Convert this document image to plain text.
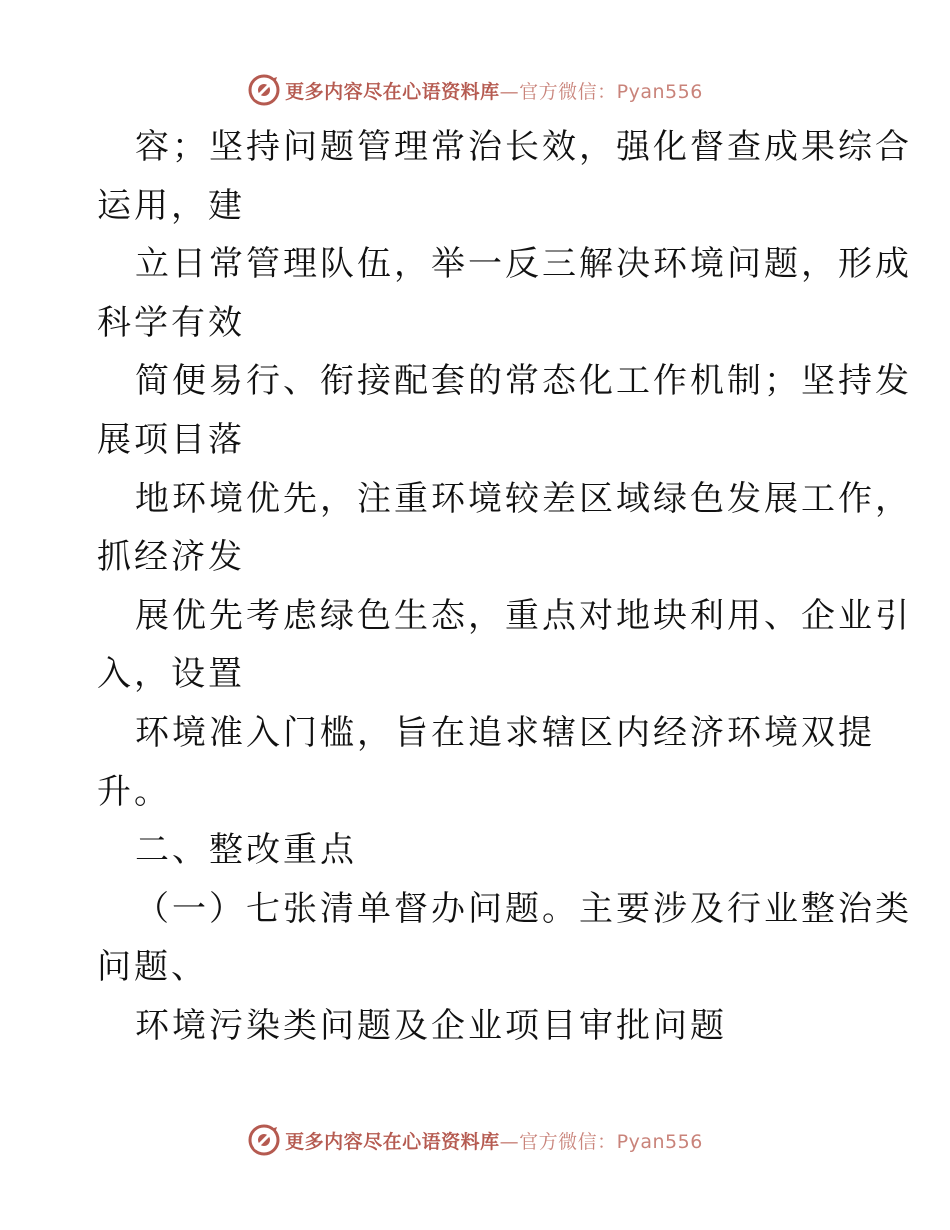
更多内容尽在心语资料库—官方微信：Pyan556
容；坚持问题管理常治长效，强化督查成果综合
运用，建
立日常管理队伍，举一反三解决环境问题，形成
科学有效
简便易行、衔接配套的常态化工作机制；坚持发
展项目落
地环境优先，注重环境较差区域绿色发展工作，
抓经济发
展优先考虑绿色生态，重点对地块利用、企业引
入，设置
环境准入门槛，旨在追求辖区内经济环境双提
升。
二、整改重点
（一）七张清单督办问题。主要涉及行业整治类
问题、
环境污染类问题及企业项目审批问题
更多内容尽在心语资料库—官方微信：Pyan556
